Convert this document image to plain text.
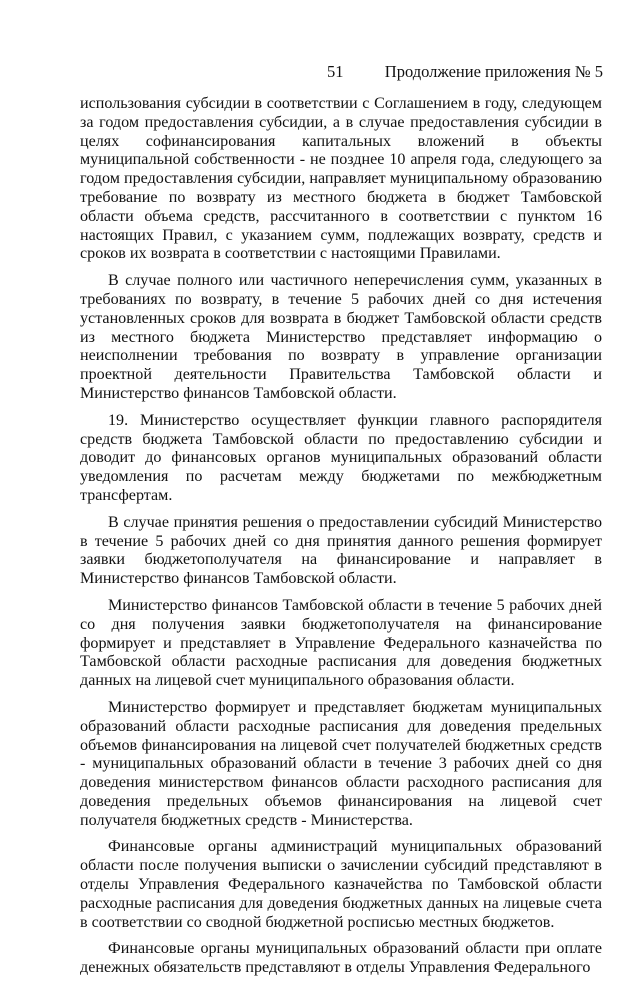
51	Продолжение приложения № 5

использования субсидии в соответствии с Соглашением в году, следующем за годом предоставления субсидии, а в случае предоставления субсидии в целях софинансирования капитальных вложений в объекты муниципальной собственности - не позднее 10 апреля года, следующего за годом предоставления субсидии, направляет муниципальному образованию требование по возврату из местного бюджета в бюджет Тамбовской области объема средств, рассчитанного в соответствии с пунктом 16 настоящих Правил, с указанием сумм, подлежащих возврату, средств и сроков их возврата в соответствии с настоящими Правилами.

В случае полного или частичного неперечисления сумм, указанных в требованиях по возврату, в течение 5 рабочих дней со дня истечения установленных сроков для возврата в бюджет Тамбовской области средств из местного бюджета Министерство представляет информацию о неисполнении требования по возврату в управление организации проектной деятельности Правительства Тамбовской области и Министерство финансов Тамбовской области.

19. Министерство осуществляет функции главного распорядителя средств бюджета Тамбовской области по предоставлению субсидии и доводит до финансовых органов муниципальных образований области уведомления по расчетам между бюджетами по межбюджетным трансфертам.

В случае принятия решения о предоставлении субсидий Министерство в течение 5 рабочих дней со дня принятия данного решения формирует заявки бюджетополучателя на финансирование и направляет в Министерство финансов Тамбовской области.

Министерство финансов Тамбовской области в течение 5 рабочих дней со дня получения заявки бюджетополучателя на финансирование формирует и представляет в Управление Федерального казначейства по Тамбовской области расходные расписания для доведения бюджетных данных на лицевой счет муниципального образования области.

Министерство формирует и представляет бюджетам муниципальных образований области расходные расписания для доведения предельных объемов финансирования на лицевой счет получателей бюджетных средств - муниципальных образований области в течение 3 рабочих дней со дня доведения министерством финансов области расходного расписания для доведения предельных объемов финансирования на лицевой счет получателя бюджетных средств - Министерства.

Финансовые органы администраций муниципальных образований области после получения выписки о зачислении субсидий представляют в отделы Управления Федерального казначейства по Тамбовской области расходные расписания для доведения бюджетных данных на лицевые счета в соответствии со сводной бюджетной росписью местных бюджетов.

Финансовые органы муниципальных образований области при оплате денежных обязательств представляют в отделы Управления Федерального
